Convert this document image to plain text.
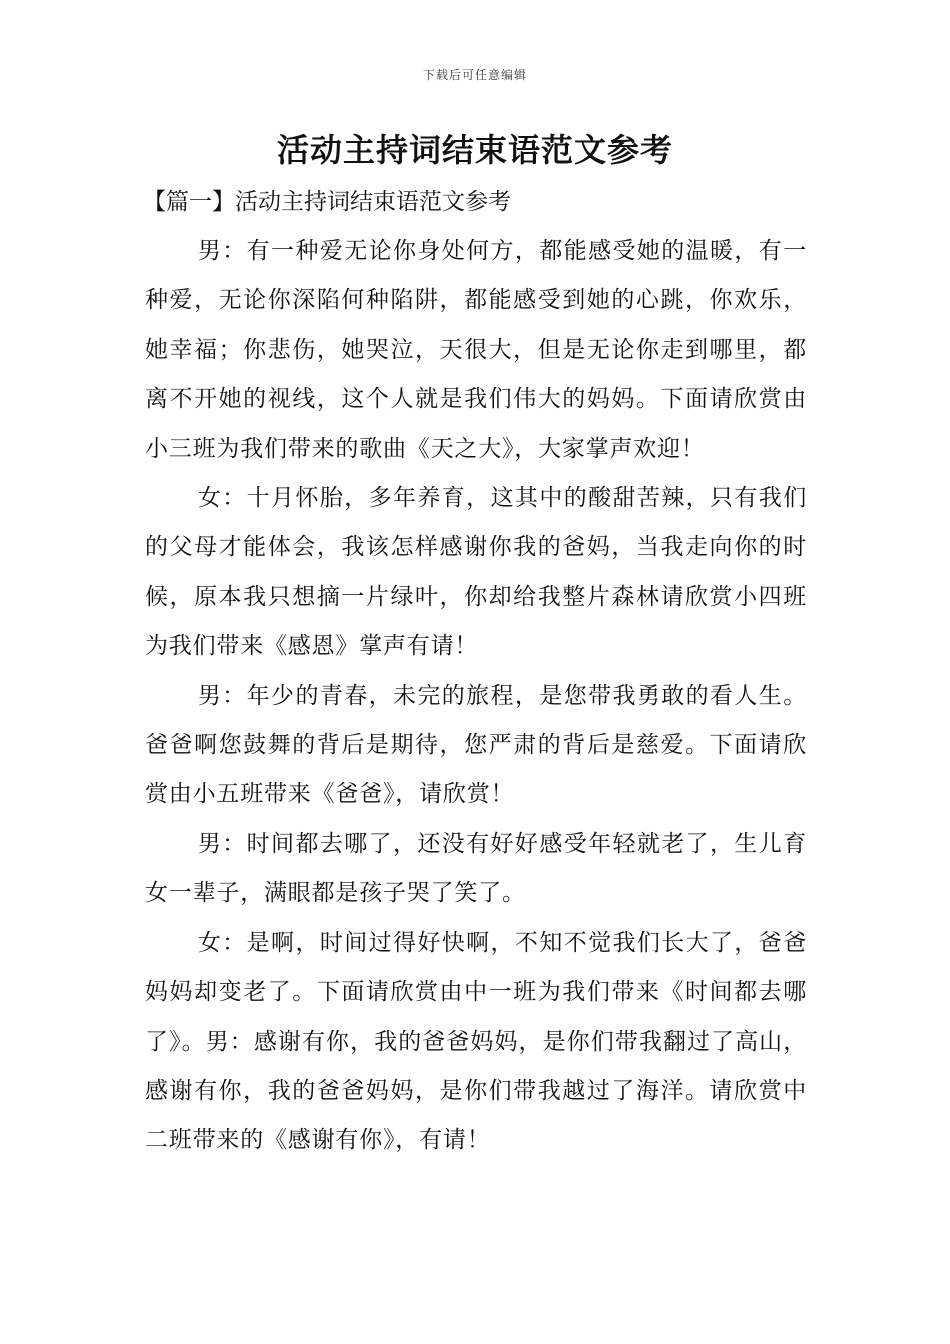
下载后可任意编辑
活动主持词结束语范文参考

【篇一】活动主持词结束语范文参考

男：有一种爱无论你身处何方，都能感受她的温暖，有一种爱，无论你深陷何种陷阱，都能感受到她的心跳，你欢乐，她幸福；你悲伤，她哭泣，天很大，但是无论你走到哪里，都离不开她的视线，这个人就是我们伟大的妈妈。下面请欣赏由小三班为我们带来的歌曲《天之大》，大家掌声欢迎！

女：十月怀胎，多年养育，这其中的酸甜苦辣，只有我们的父母才能体会，我该怎样感谢你我的爸妈，当我走向你的时候，原本我只想摘一片绿叶，你却给我整片森林请欣赏小四班为我们带来《感恩》掌声有请！

男：年少的青春，未完的旅程，是您带我勇敢的看人生。爸爸啊您鼓舞的背后是期待，您严肃的背后是慈爱。下面请欣赏由小五班带来《爸爸》，请欣赏！

男：时间都去哪了，还没有好好感受年轻就老了，生儿育女一辈子，满眼都是孩子哭了笑了。

女：是啊，时间过得好快啊，不知不觉我们长大了，爸爸妈妈却变老了。下面请欣赏由中一班为我们带来《时间都去哪了》。男：感谢有你，我的爸爸妈妈，是你们带我翻过了高山，感谢有你，我的爸爸妈妈，是你们带我越过了海洋。请欣赏中二班带来的《感谢有你》，有请！
